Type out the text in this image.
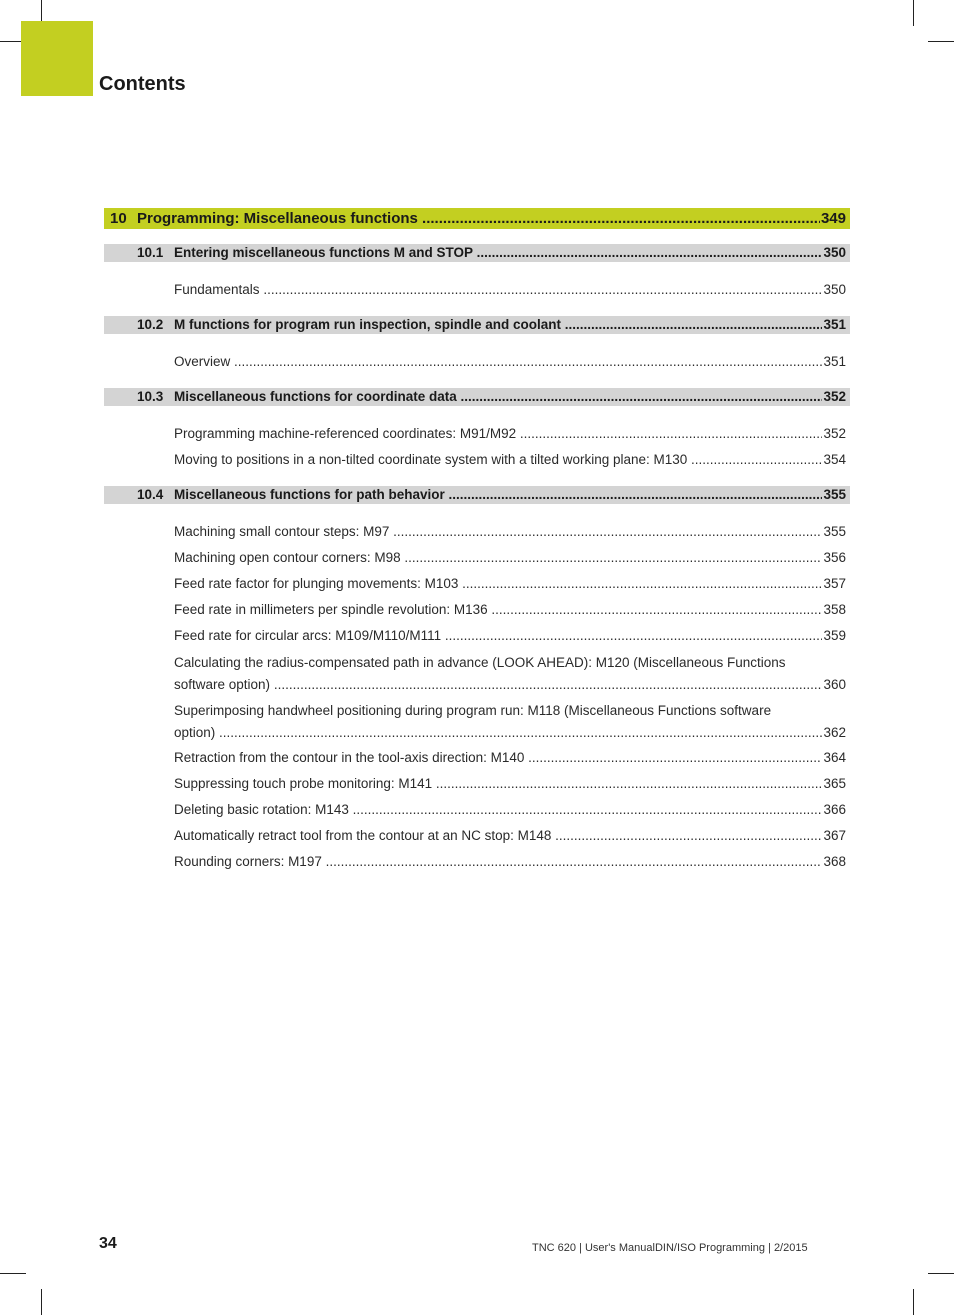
Contents
10 Programming: Miscellaneous functions .....	349
10.1 Entering miscellaneous functions M and STOP .....	350
Fundamentals .....	350
10.2 M functions for program run inspection, spindle and coolant .....	351
Overview .....	351
10.3 Miscellaneous functions for coordinate data .....	352
Programming machine-referenced coordinates: M91/M92 .....	352
Moving to positions in a non-tilted coordinate system with a tilted working plane: M130 .....	354
10.4 Miscellaneous functions for path behavior .....	355
Machining small contour steps: M97 .....	355
Machining open contour corners: M98 .....	356
Feed rate factor for plunging movements: M103 .....	357
Feed rate in millimeters per spindle revolution: M136 .....	358
Feed rate for circular arcs: M109/M110/M111 .....	359
Calculating the radius-compensated path in advance (LOOK AHEAD): M120 (Miscellaneous Functions
software option) .....	360
Superimposing handwheel positioning during program run: M118 (Miscellaneous Functions software
option) .....	362
Retraction from the contour in the tool-axis direction: M140 .....	364
Suppressing touch probe monitoring: M141 .....	365
Deleting basic rotation: M143 .....	366
Automatically retract tool from the contour at an NC stop: M148 .....	367
Rounding corners: M197 .....	368
34	TNC 620 | User's ManualDIN/ISO Programming | 2/2015
